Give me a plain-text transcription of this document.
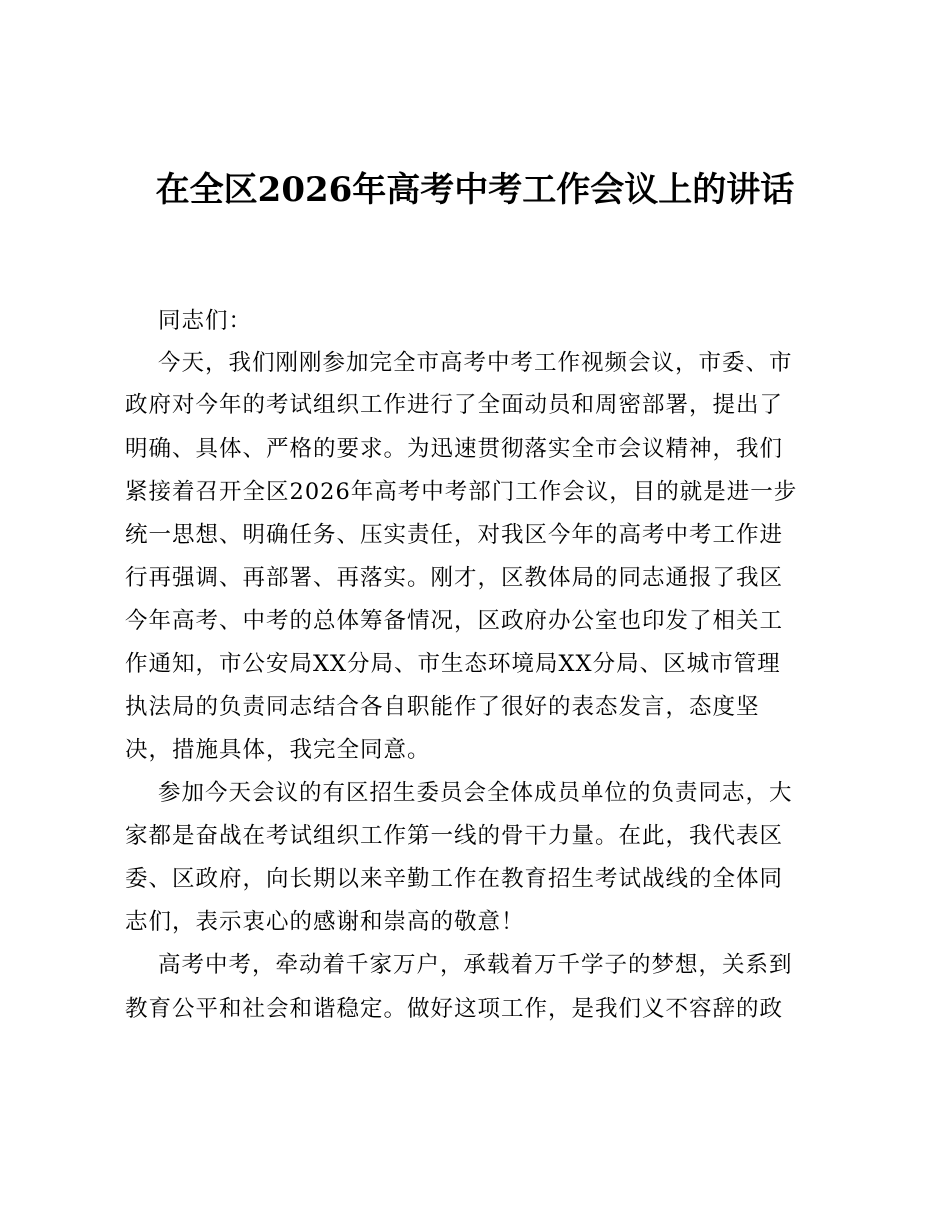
在全区2026年高考中考工作会议上的讲话

同志们：

今天，我们刚刚参加完全市高考中考工作视频会议，市委、市

政府对今年的考试组织工作进行了全面动员和周密部署，提出了

明确、具体、严格的要求。为迅速贯彻落实全市会议精神，我们

紧接着召开全区2026年高考中考部门工作会议，目的就是进一步

统一思想、明确任务、压实责任，对我区今年的高考中考工作进

行再强调、再部署、再落实。刚才，区教体局的同志通报了我区

今年高考、中考的总体筹备情况，区政府办公室也印发了相关工

作通知，市公安局XX分局、市生态环境局XX分局、区城市管理

执法局的负责同志结合各自职能作了很好的表态发言，态度坚

决，措施具体，我完全同意。

参加今天会议的有区招生委员会全体成员单位的负责同志，大

家都是奋战在考试组织工作第一线的骨干力量。在此，我代表区

委、区政府，向长期以来辛勤工作在教育招生考试战线的全体同

志们，表示衷心的感谢和崇高的敬意！

高考中考，牵动着千家万户，承载着万千学子的梦想，关系到

教育公平和社会和谐稳定。做好这项工作，是我们义不容辞的政
